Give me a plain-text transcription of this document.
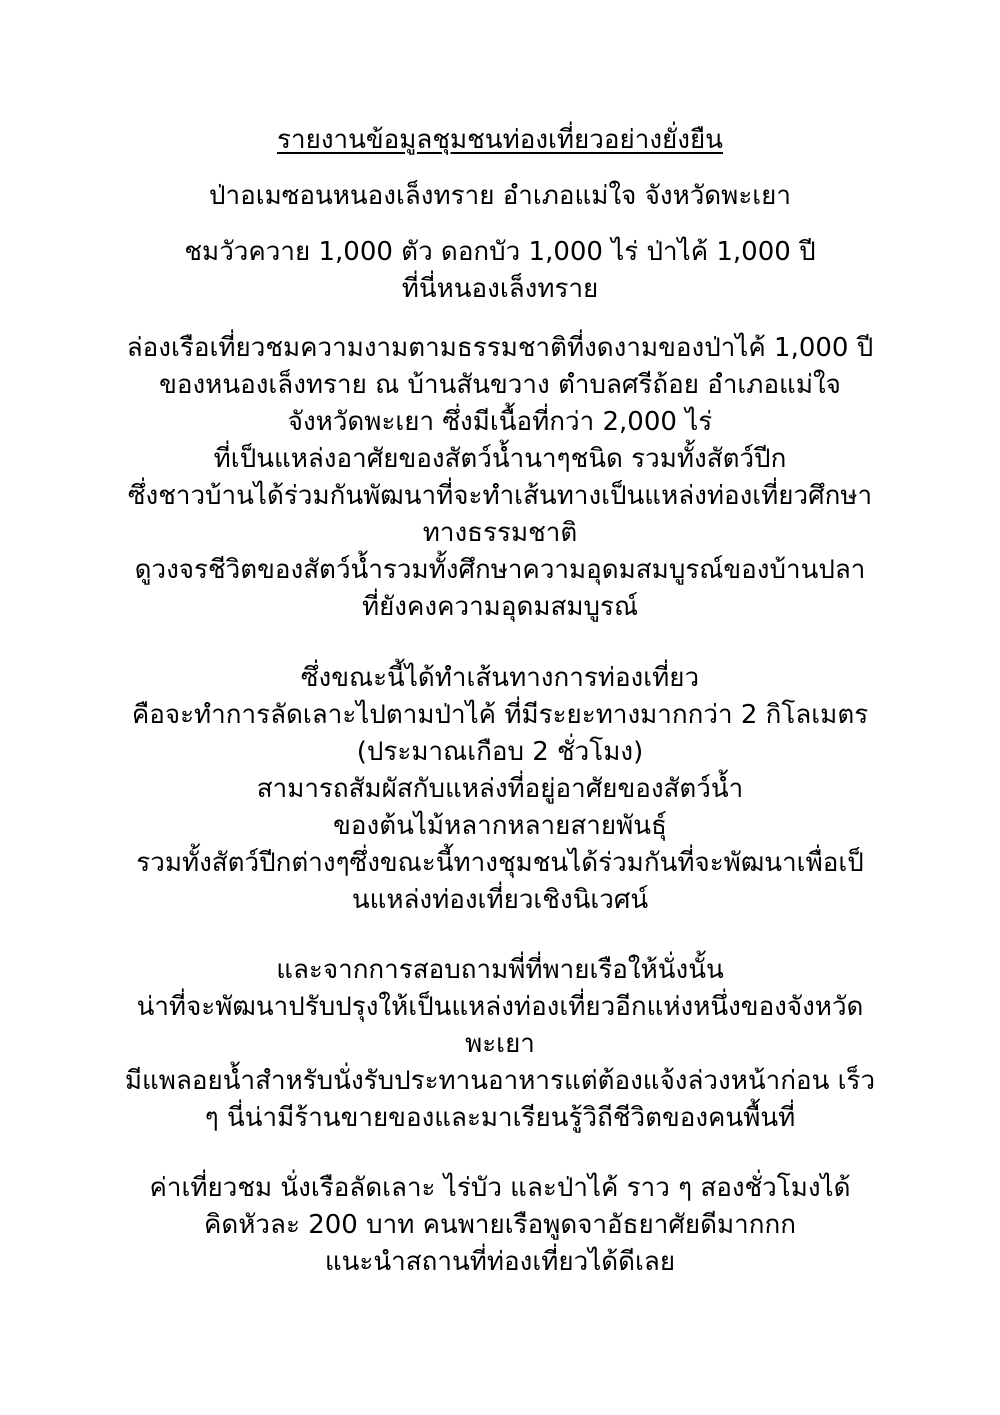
รายงานข้อมูลชุมชนท่องเที่ยวอย่างยั่งยืน
ป่าอเมซอนหนองเล็งทราย อำเภอแม่ใจ จังหวัดพะเยา
ชมวัวควาย 1,000 ตัว ดอกบัว 1,000 ไร่ ป่าไค้ 1,000 ปี
ที่นี่หนองเล็งทราย
ล่องเรือเที่ยวชมความงามตามธรรมชาติที่งดงามของป่าไค้ 1,000 ปี
ของหนองเล็งทราย ณ บ้านสันขวาง ตำบลศรีถ้อย อำเภอแม่ใจ
จังหวัดพะเยา ซึ่งมีเนื้อที่กว่า 2,000 ไร่
ที่เป็นแหล่งอาศัยของสัตว์น้ำนาๆชนิด รวมทั้งสัตว์ปีก
ซึ่งชาวบ้านได้ร่วมกันพัฒนาที่จะทำเส้นทางเป็นแหล่งท่องเที่ยวศึกษา
ทางธรรมชาติ
ดูวงจรชีวิตของสัตว์น้ำรวมทั้งศึกษาความอุดมสมบูรณ์ของบ้านปลา
ที่ยังคงความอุดมสมบูรณ์
ซึ่งขณะนี้ได้ทำเส้นทางการท่องเที่ยว
คือจะทำการลัดเลาะไปตามป่าไค้ ที่มีระยะทางมากกว่า 2 กิโลเมตร
(ประมาณเกือบ 2 ชั่วโมง)
สามารถสัมผัสกับแหล่งที่อยู่อาศัยของสัตว์น้ำ
ของต้นไม้หลากหลายสายพันธุ์
รวมทั้งสัตว์ปีกต่างๆซึ่งขณะนี้ทางชุมชนได้ร่วมกันที่จะพัฒนาเพื่อเป็
นแหล่งท่องเที่ยวเชิงนิเวศน์
และจากการสอบถามพี่ที่พายเรือให้นั่งนั้น
น่าที่จะพัฒนาปรับปรุงให้เป็นแหล่งท่องเที่ยวอีกแห่งหนึ่งของจังหวัด
พะเยา
มีแพลอยน้ำสำหรับนั่งรับประทานอาหารแต่ต้องแจ้งล่วงหน้าก่อน เร็ว
ๆ นี่น่ามีร้านขายของและมาเรียนรู้วิถีชีวิตของคนพื้นที่
ค่าเที่ยวชม นั่งเรือลัดเลาะ ไร่บัว และป่าไค้ ราว ๆ สองชั่วโมงได้
คิดหัวละ 200 บาท คนพายเรือพูดจาอัธยาศัยดีมากกก
แนะนำสถานที่ท่องเที่ยวได้ดีเลย
